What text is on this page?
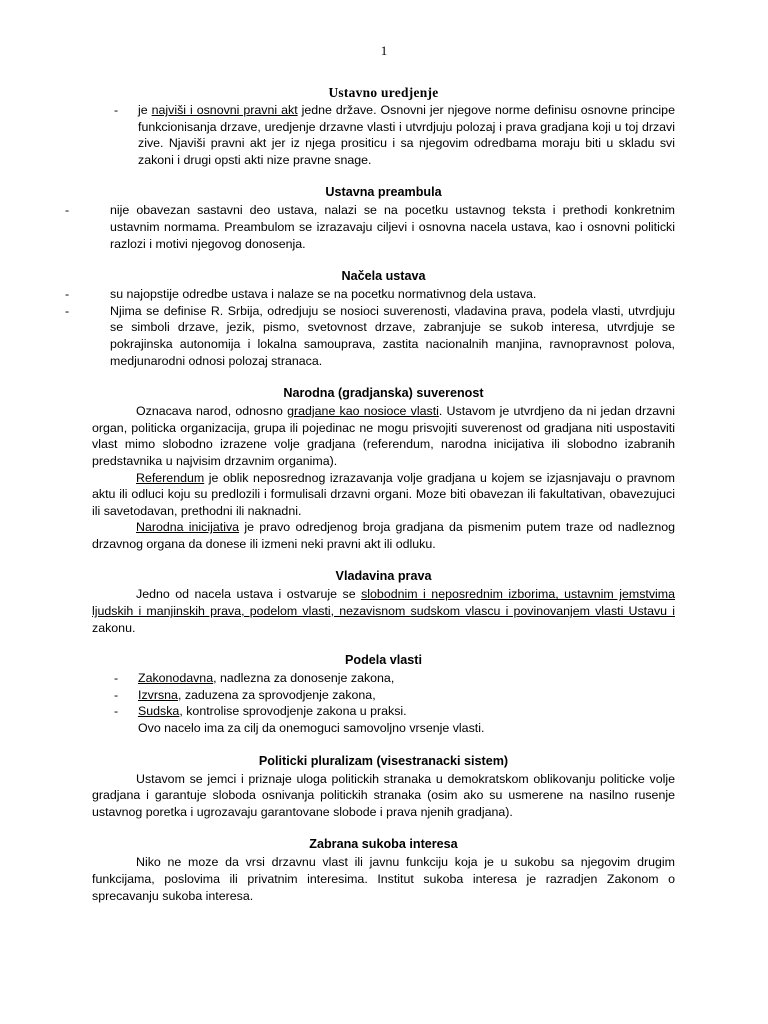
1
Ustavno uredjenje

- je najviši i osnovni pravni akt jedne države. Osnovni jer njegove norme definisu osnovne principe funkcionisanja drzave, uredjenje drzavne vlasti i utvrdjuju polozaj i prava gradjana koji u toj drzavi zive. Njaviši pravni akt jer iz njega prositicu i sa njegovim odredbama moraju biti u skladu svi zakoni i drugi opsti akti nize pravne snage.

Ustavna preambula
- nije obavezan sastavni deo ustava, nalazi se na pocetku ustavnog teksta i prethodi konkretnim ustavnim normama. Preambulom se izrazavaju ciljevi i osnovna nacela ustava, kao i osnovni politicki razlozi i motivi njegovog donosenja.
Načela ustava
- su najopstije odredbe ustava i nalaze se na pocetku normativnog dela ustava.
- Njima se definise R. Srbija, odredjuju se nosioci suverenosti, vladavina prava, podela vlasti, utvrdjuju se simboli drzave, jezik, pismo, svetovnost drzave, zabranjuje se sukob interesa, utvrdjuje se pokrajinska autonomija i lokalna samouprava, zastita nacionalnih manjina, ravnopravnost polova, medjunarodni odnosi polozaj stranaca.
Narodna (gradjanska) suverenost

Oznacava narod, odnosno gradjane kao nosioce vlasti. Ustavom je utvrdjeno da ni jedan drzavni organ, politicka organizacija, grupa ili pojedinac ne mogu prisvojiti suverenost od gradjana niti uspostaviti vlast mimo slobodno izrazene volje gradjana (referendum, narodna inicijativa ili slobodno izabranih predstavnika u najvisim drzavnim organima).

Referendum je oblik neposrednog izrazavanja volje gradjana u kojem se izjasnjavaju o pravnom aktu ili odluci koju su predlozili i formulisali drzavni organi. Moze biti obavezan ili fakultativan, obavezujuci ili savetodavan, prethodni ili naknadni.

Narodna inicijativa je pravo odredjenog broja gradjana da pismenim putem traze od nadleznog drzavnog organa da donese ili izmeni neki pravni akt ili odluku.

Vladavina prava

Jedno od nacela ustava i ostvaruje se slobodnim i neposrednim izborima, ustavnim jemstvima ljudskih i manjinskih prava, podelom vlasti, nezavisnom sudskom vlascu i povinovanjem vlasti Ustavu i zakonu.

Podela vlasti
- Zakonodavna, nadlezna za donosenje zakona,
- Izvrsna, zaduzena za sprovodjenje zakona,
- Sudska, kontrolise sprovodjenje zakona u praksi.

Ovo nacelo ima za cilj da onemoguci samovoljno vrsenje vlasti.

Politicki pluralizam (visestranacki sistem)

Ustavom se jemci i priznaje uloga politickih stranaka u demokratskom oblikovanju politicke volje gradjana i garantuje sloboda osnivanja politickih stranaka (osim ako su usmerene na nasilno rusenje ustavnog poretka i ugrozavaju garantovane slobode i prava njenih gradjana).

Zabrana sukoba interesa

Niko ne moze da vrsi drzavnu vlast ili javnu funkciju koja je u sukobu sa njegovim drugim funkcijama, poslovima ili privatnim interesima. Institut sukoba interesa je razradjen Zakonom o sprecavanju sukoba interesa.
